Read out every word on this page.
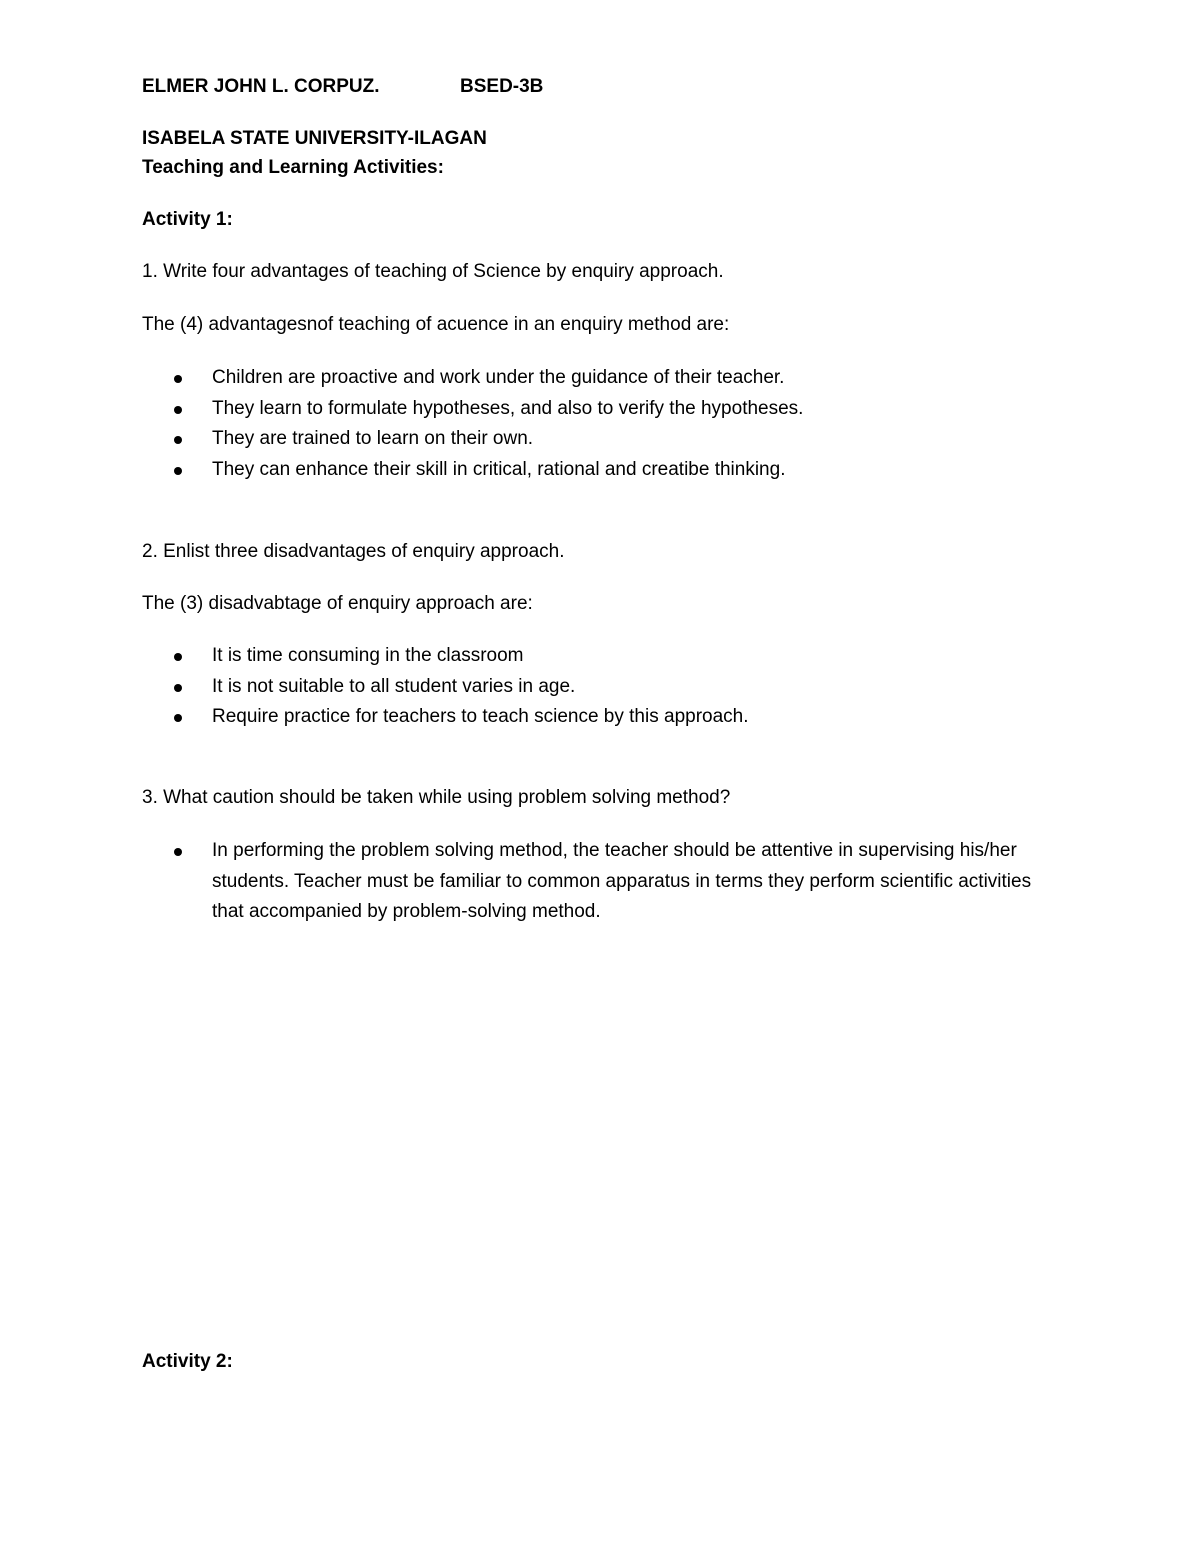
ELMER JOHN L. CORPUZ.	BSED-3B
ISABELA STATE UNIVERSITY-ILAGAN
Teaching and Learning Activities:
Activity 1:
1. Write four advantages of teaching of Science by enquiry approach.
The (4) advantagesnof teaching of acuence in an enquiry method are:
Children are proactive and work under the guidance of their teacher.
They learn to formulate hypotheses, and also to verify the hypotheses.
They are trained to learn on their own.
They can enhance their skill in critical, rational and creatibe thinking.
2. Enlist three disadvantages of enquiry approach.
The (3) disadvabtage of enquiry approach are:
It is time consuming in the classroom
It is not suitable to all student varies in age.
Require practice for teachers to teach science by this approach.
3. What caution should be taken while using problem solving method?
In performing the problem solving method, the teacher should be attentive in supervising his/her students. Teacher must be familiar to common apparatus in terms they perform scientific activities that accompanied by problem-solving method.
Activity 2:
